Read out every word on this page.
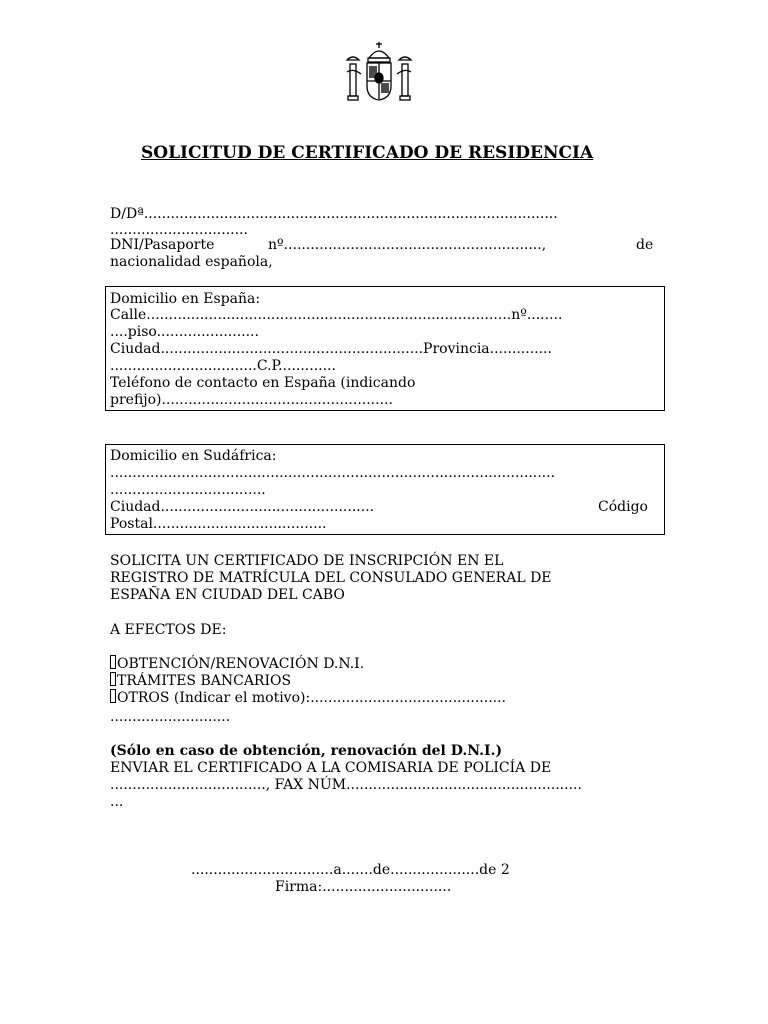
SOLICITUD DE CERTIFICADO DE RESIDENCIA
D/Dª.............................................................................................
...............................
DNI/Pasaporte	nº..........................................................,	de
nacionalidad española,
Domicilio en España:
Calle..................................................................................nº........
....piso.......................
Ciudad...........................................................Provincia..............
.................................C.P.............
Teléfono de contacto en España (indicando
prefijo)....................................................
Domicilio en Sudáfrica:
....................................................................................................
...................................
Ciudad................................................	Código
Postal.......................................
SOLICITA UN CERTIFICADO DE INSCRIPCIÓN EN EL
REGISTRO DE MATRÍCULA DEL CONSULADO GENERAL DE
ESPAÑA EN CIUDAD DEL CABO
A EFECTOS DE:
OBTENCIÓN/RENOVACIÓN D.N.I.
TRÁMITES BANCARIOS
OTROS (Indicar el motivo):............................................
...........................
(Sólo en caso de obtención, renovación del D.N.I.)
ENVIAR EL CERTIFICADO A LA COMISARIA DE POLICÍA DE
..................................., FAX NÚM.....................................................
...
................................a.......de....................de 2
Firma:.............................
